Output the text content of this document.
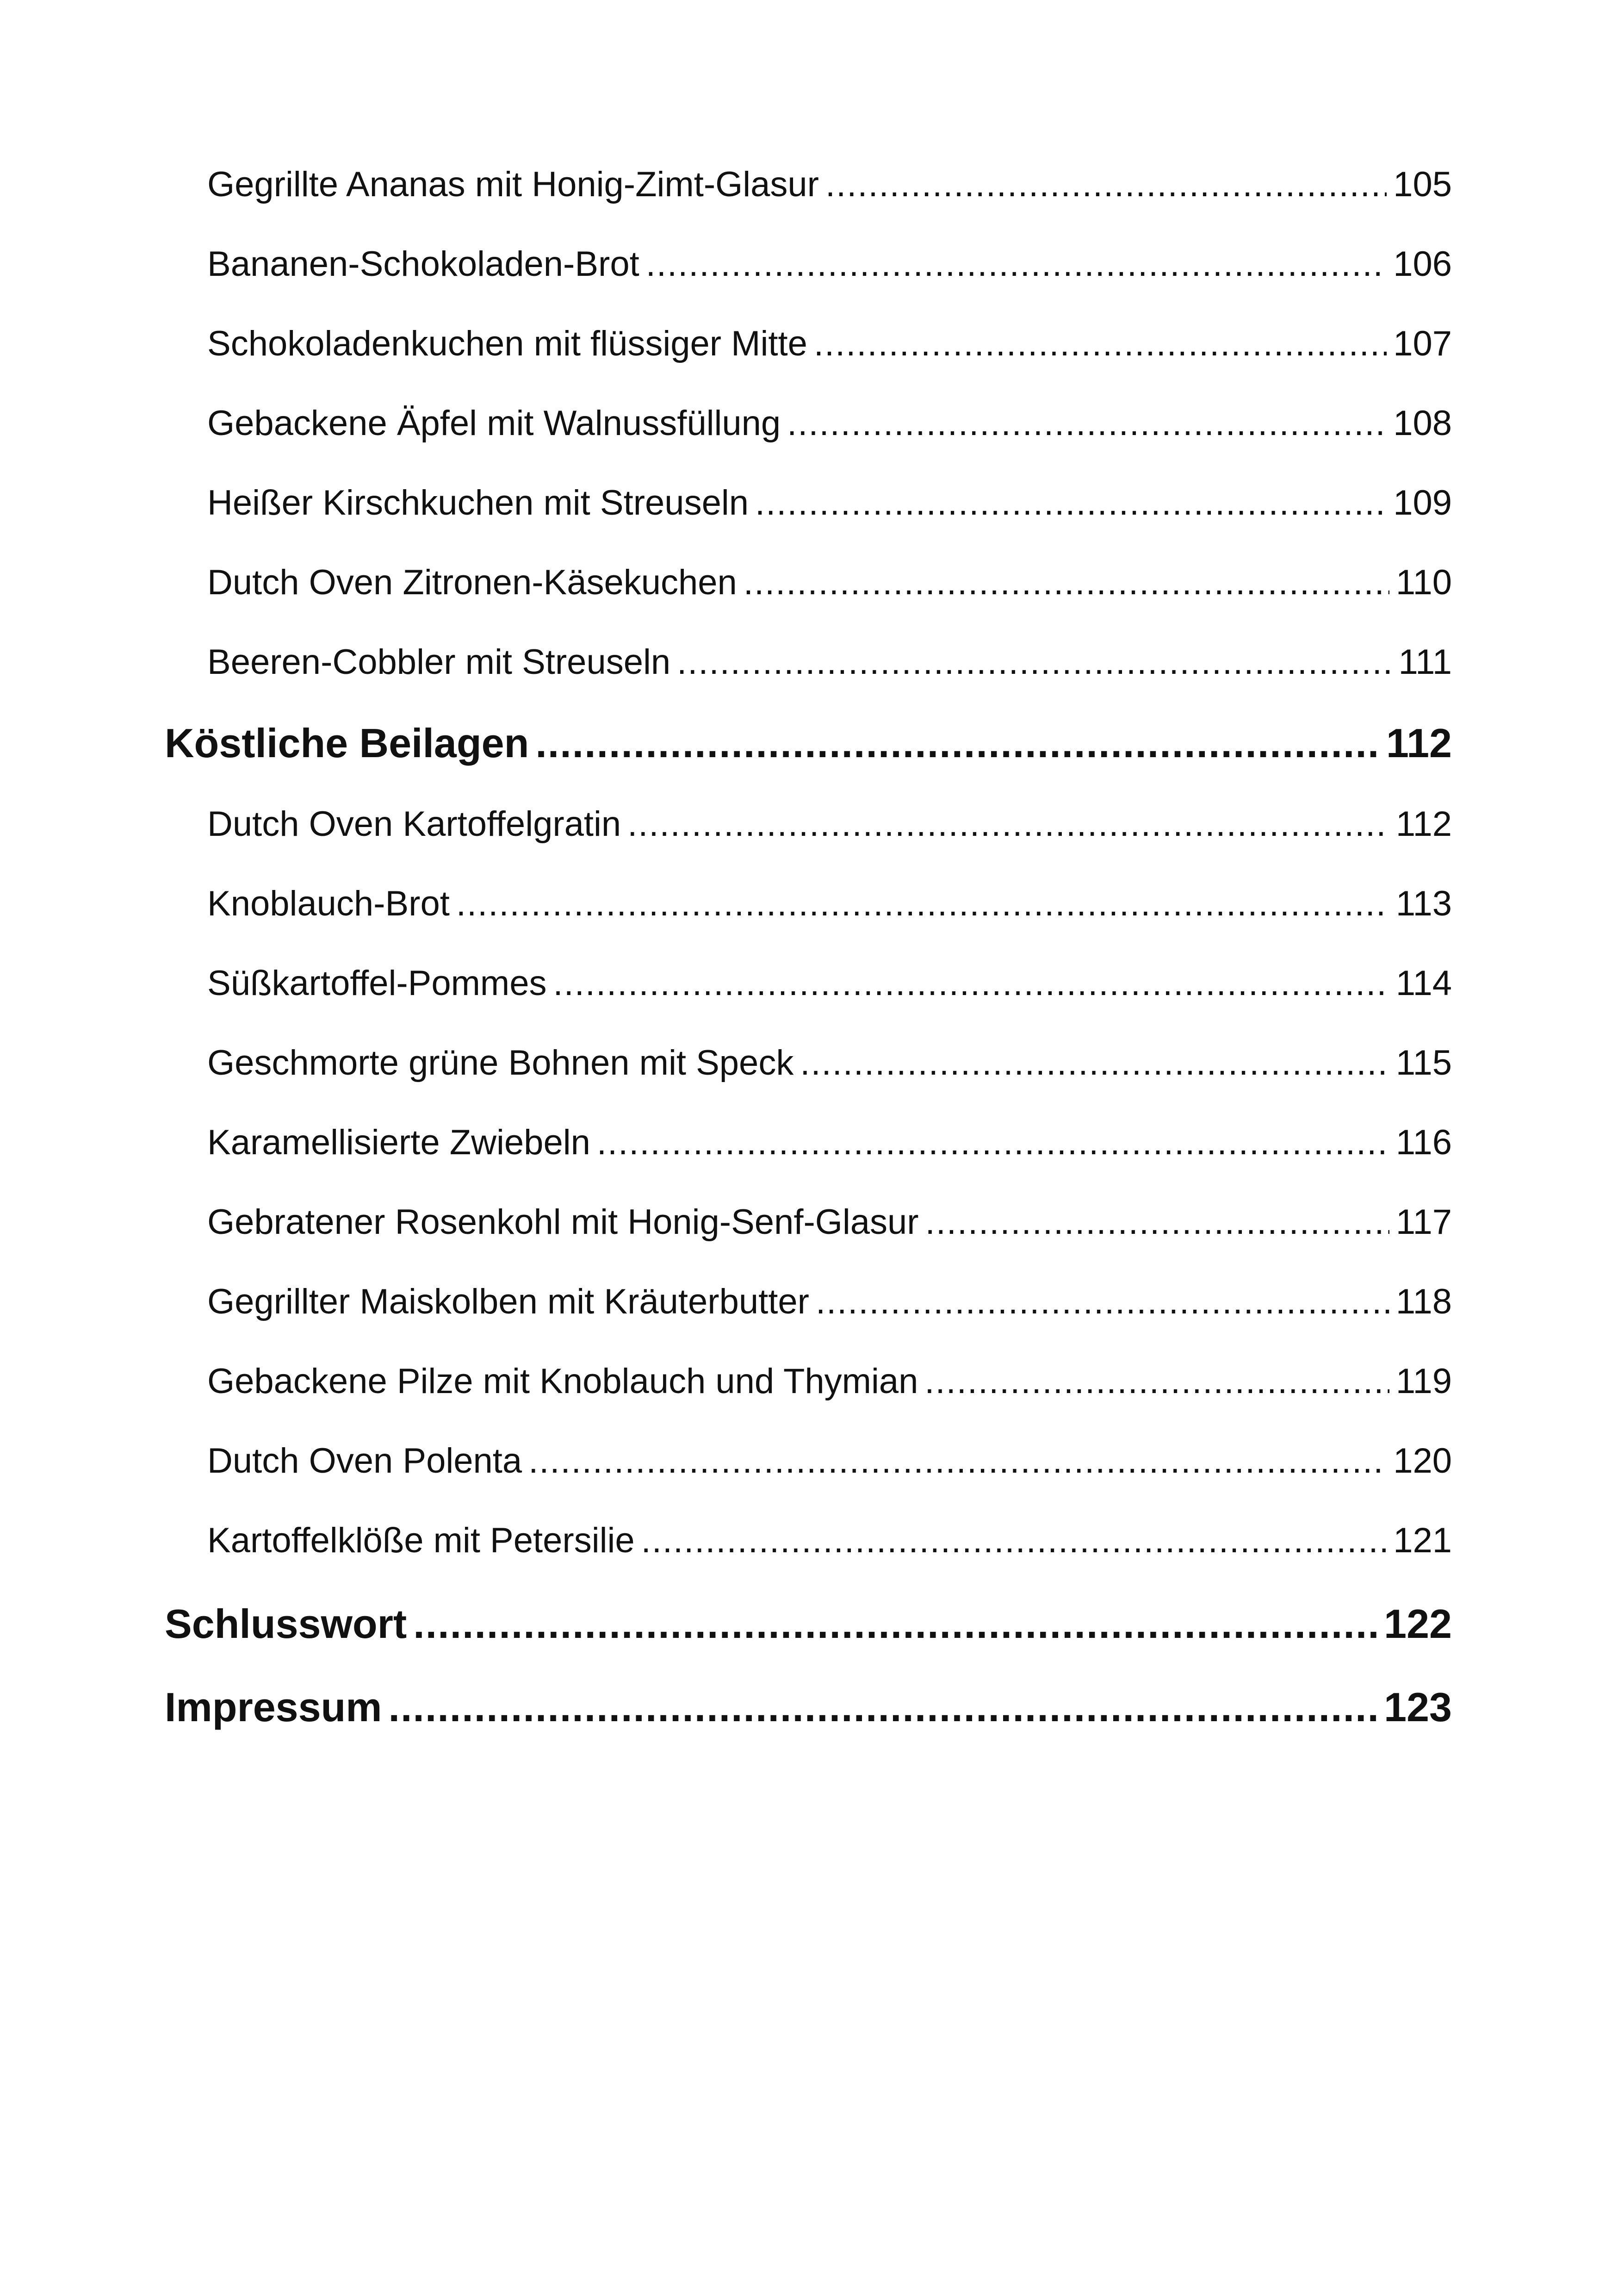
Gegrillte Ananas mit Honig-Zimt-Glasur .....	105
Bananen-Schokoladen-Brot .....	106
Schokoladenkuchen mit flüssiger Mitte .....	107
Gebackene Äpfel mit Walnussfüllung .....	108
Heißer Kirschkuchen mit Streuseln .....	109
Dutch Oven Zitronen-Käsekuchen .....	110
Beeren-Cobbler mit Streuseln .....	111
Köstliche Beilagen .....	112
Dutch Oven Kartoffelgratin .....	112
Knoblauch-Brot .....	113
Süßkartoffel-Pommes .....	114
Geschmorte grüne Bohnen mit Speck .....	115
Karamellisierte Zwiebeln .....	116
Gebratener Rosenkohl mit Honig-Senf-Glasur .....	117
Gegrillter Maiskolben mit Kräuterbutter .....	118
Gebackene Pilze mit Knoblauch und Thymian .....	119
Dutch Oven Polenta .....	120
Kartoffelklöße mit Petersilie .....	121
Schlusswort .....	122
Impressum .....	123
